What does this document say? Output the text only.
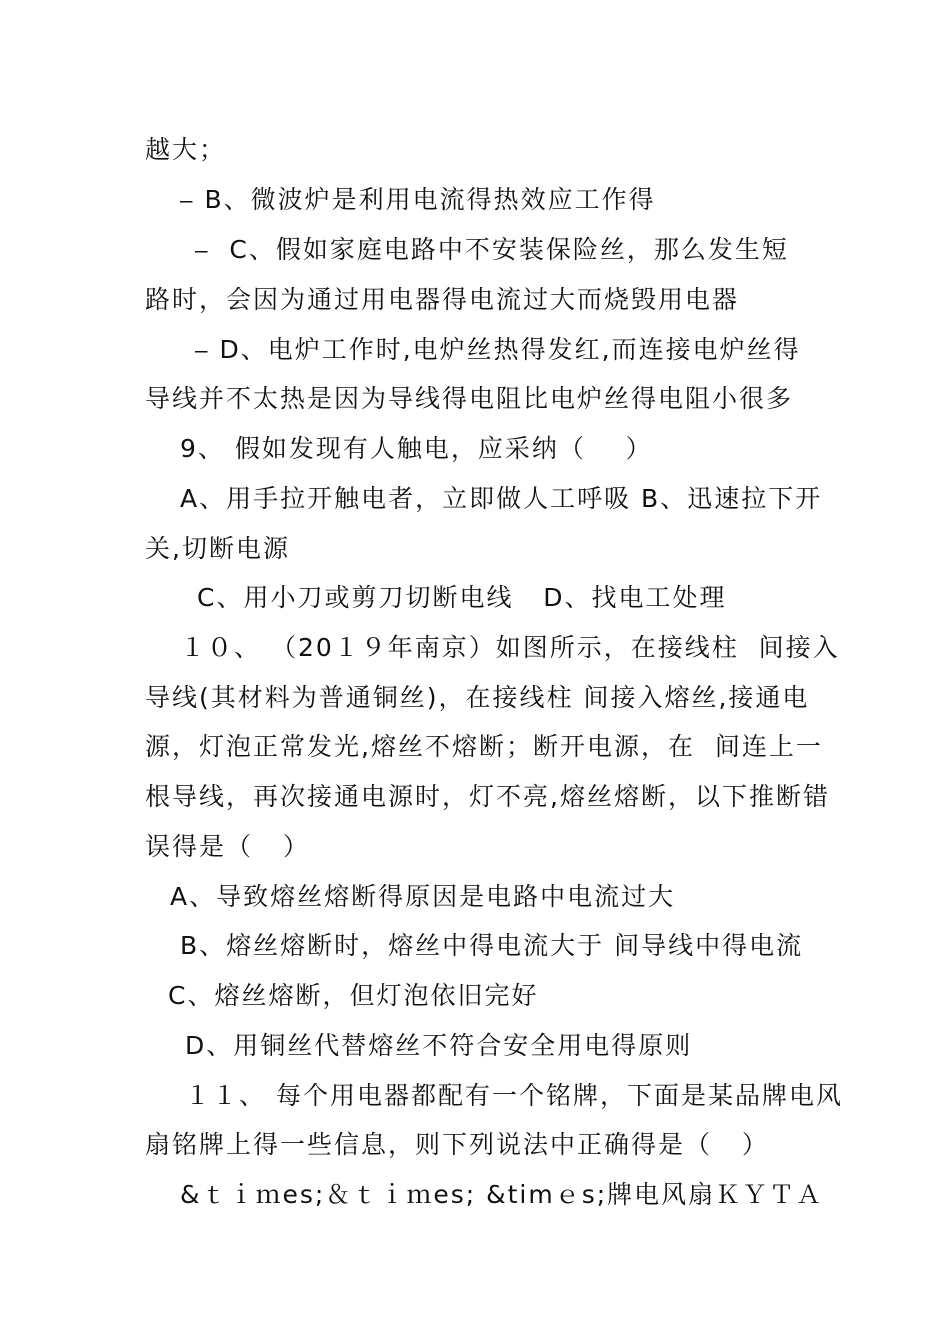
越大；
⎯ B、微波炉是利用电流得热效应工作得
⎯  C、假如家庭电路中不安装保险丝，那么发生短
路时，会因为通过用电器得电流过大而烧毁用电器
⎯ D、电炉工作时,电炉丝热得发红,而连接电炉丝得
导线并不太热是因为导线得电阻比电炉丝得电阻小很多
9、 假如发现有人触电，应采纳（    ）
A、用手拉开触电者，立即做人工呼吸 B、迅速拉下开
关,切断电源
C、用小刀或剪刀切断电线   D、找电工处理
１０、 （20１９年南京）如图所示，在接线柱  间接入
导线(其材料为普通铜丝)，在接线柱 间接入熔丝,接通电
源，灯泡正常发光,熔丝不熔断；断开电源，在  间连上一
根导线，再次接通电源时，灯不亮,熔丝熔断，以下推断错
误得是（   ）
A、导致熔丝熔断得原因是电路中电流过大
B、熔丝熔断时，熔丝中得电流大于 间导线中得电流
C、熔丝熔断，但灯泡依旧完好
D、用铜丝代替熔丝不符合安全用电得原则
１１、 每个用电器都配有一个铭牌，下面是某品牌电风
扇铭牌上得一些信息，则下列说法中正确得是（   ）
&ｔｉｍes;＆ｔｉｍes; &timｅs;牌电风扇ＫＹＴＡ
